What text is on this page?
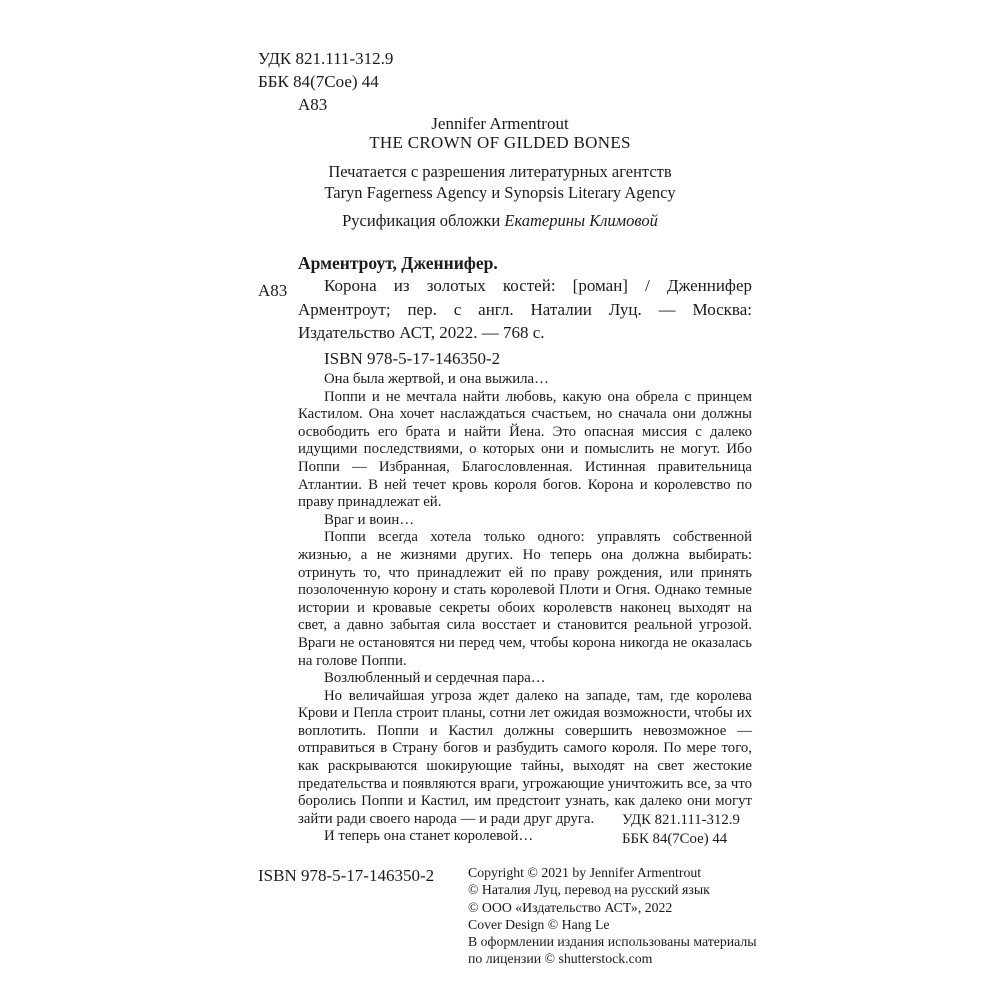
УДК 821.111-312.9
ББК 84(7Сое) 44
А83
Jennifer Armentrout
THE CROWN OF GILDED BONES
Печатается с разрешения литературных агентств
Taryn Fagerness Agency и Synopsis Literary Agency
Русификация обложки Екатерины Климовой
Арментроут, Дженнифер.
А83	Корона из золотых костей: [роман] / Дженнифер
Арментроут; пер. с англ. Наталии Луц. — Москва:
Издательство АСТ, 2022. — 768 с.
ISBN 978-5-17-146350-2

Она была жертвой, и она выжила…

Поппи и не мечтала найти любовь, какую она обрела с принцем Кастилом. Она хочет наслаждаться счастьем, но сначала они должны освободить его брата и найти Йена. Это опасная миссия с далеко идущими последствиями, о которых они и помыслить не могут. Ибо Поппи — Избранная, Благословленная. Истинная правительница Атлантии. В ней течет кровь короля богов. Корона и королевство по праву принадлежат ей.

Враг и воин…

Поппи всегда хотела только одного: управлять собственной жизнью, а не жизнями других. Но теперь она должна выбирать: отринуть то, что принадлежит ей по праву рождения, или принять позолоченную корону и стать королевой Плоти и Огня. Однако темные истории и кровавые секреты обоих королевств наконец выходят на свет, а давно забытая сила восстает и становится реальной угрозой. Враги не остановятся ни перед чем, чтобы корона никогда не оказалась на голове Поппи.

Возлюбленный и сердечная пара…

Но величайшая угроза ждет далеко на западе, там, где королева Крови и Пепла строит планы, сотни лет ожидая возможности, чтобы их воплотить. Поппи и Кастил должны совершить невозможное — отправиться в Страну богов и разбудить самого короля. По мере того, как раскрываются шокирующие тайны, выходят на свет жестокие предательства и появляются враги, угрожающие уничтожить все, за что боролись Поппи и Кастил, им предстоит узнать, как далеко они могут зайти ради своего народа — и ради друг друга.

И теперь она станет королевой…

УДК 821.111-312.9
ББК 84(7Сое) 44
ISBN 978-5-17-146350-2 Copyright © 2021 by Jennifer Armentrout
© Наталия Луц, перевод на русский язык
© ООО «Издательство АСТ», 2022
Cover Design © Hang Le
В оформлении издания использованы материалы
по лицензии © shutterstock.com
